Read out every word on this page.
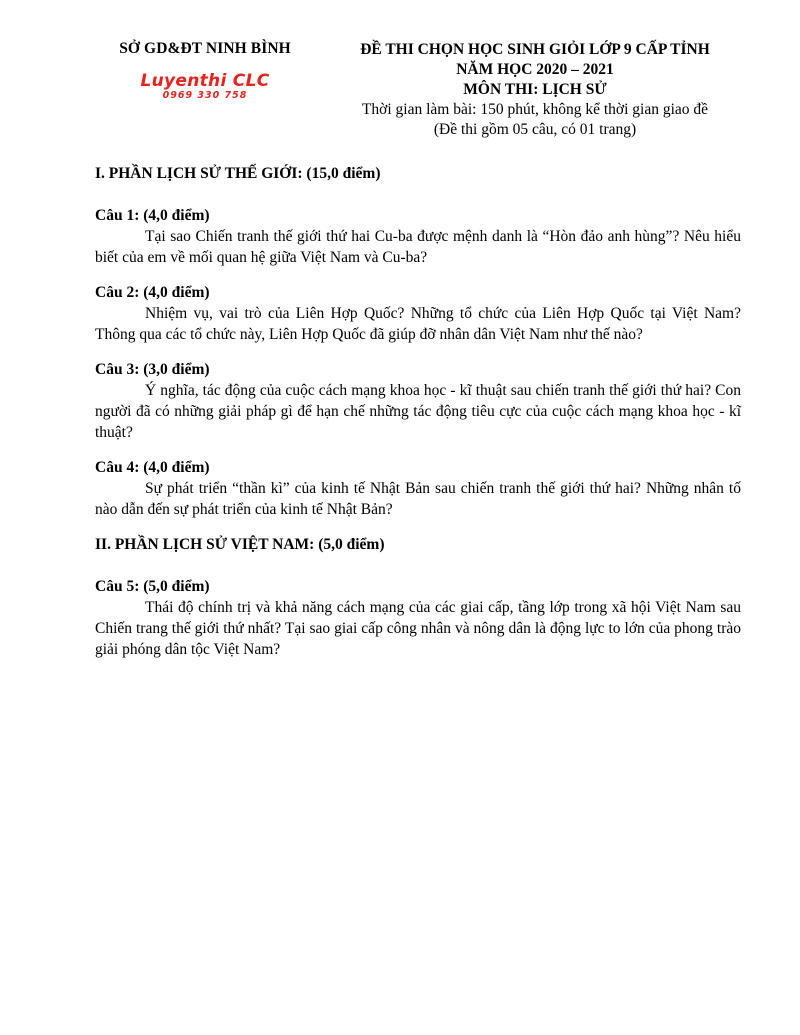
SỞ GD&ĐT NINH BÌNH
Luyenthi CLC
0969 330 758
ĐỀ THI CHỌN HỌC SINH GIỎI LỚP 9 CẤP TỈNH
NĂM HỌC 2020 – 2021
MÔN THI: LỊCH SỬ
Thời gian làm bài: 150 phút, không kể thời gian giao đề
(Đề thi gồm 05 câu, có 01 trang)

I. PHẦN LỊCH SỬ THẾ GIỚI: (15,0 điểm)

Câu 1: (4,0 điểm)

Tại sao Chiến tranh thế giới thứ hai Cu-ba được mệnh danh là “Hòn đảo anh hùng”? Nêu hiểu biết của em về mối quan hệ giữa Việt Nam và Cu-ba?

Câu 2: (4,0 điểm)

Nhiệm vụ, vai trò của Liên Hợp Quốc? Những tổ chức của Liên Hợp Quốc tại Việt Nam? Thông qua các tổ chức này, Liên Hợp Quốc đã giúp đỡ nhân dân Việt Nam như thế nào?

Câu 3: (3,0 điểm)

Ý nghĩa, tác động của cuộc cách mạng khoa học - kĩ thuật sau chiến tranh thế giới thứ hai? Con người đã có những giải pháp gì để hạn chế những tác động tiêu cực của cuộc cách mạng khoa học - kĩ thuật?

Câu 4: (4,0 điểm)

Sự phát triển “thần kì” của kinh tế Nhật Bản sau chiến tranh thế giới thứ hai? Những nhân tố nào dẫn đến sự phát triển của kinh tế Nhật Bản?

II. PHẦN LỊCH SỬ VIỆT NAM: (5,0 điểm)

Câu 5: (5,0 điểm)

Thái độ chính trị và khả năng cách mạng của các giai cấp, tầng lớp trong xã hội Việt Nam sau Chiến trang thế giới thứ nhất? Tại sao giai cấp công nhân và nông dân là động lực to lớn của phong trào giải phóng dân tộc Việt Nam?
